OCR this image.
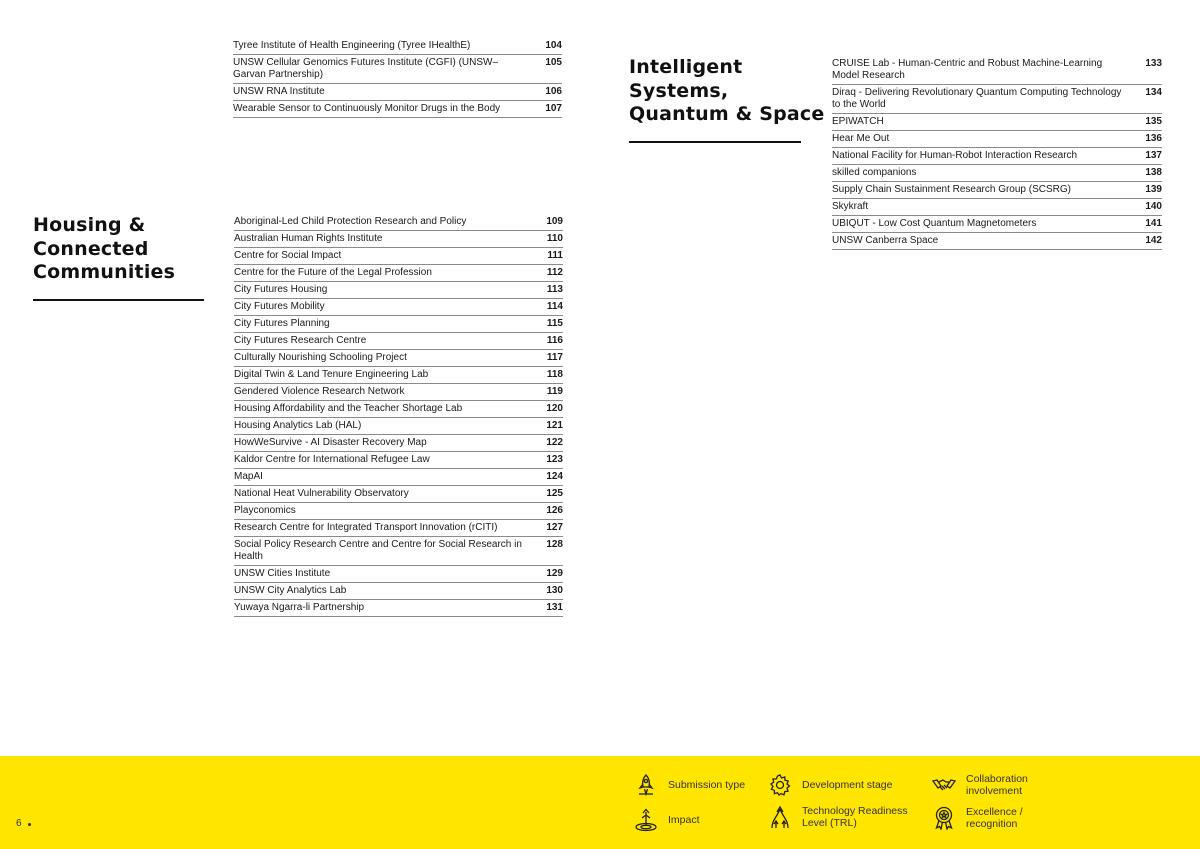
Tyree Institute of Health Engineering (Tyree IHealthE)	104
UNSW Cellular Genomics Futures Institute (CGFI) (UNSW–Garvan Partnership)
105
UNSW RNA Institute	106
Wearable Sensor to Continuously Monitor Drugs in the Body	107
Housing &
Connected
Communities
Aboriginal-Led Child Protection Research and Policy	109
Australian Human Rights Institute	110
Centre for Social Impact	111
Centre for the Future of the Legal Profession	112
City Futures Housing	113
City Futures Mobility	114
City Futures Planning	115
City Futures Research Centre	116
Culturally Nourishing Schooling Project	117
Digital Twin & Land Tenure Engineering Lab	118
Gendered Violence Research Network	119
Housing Affordability and the Teacher Shortage Lab	120
Housing Analytics Lab (HAL)	121
HowWeSurvive - AI Disaster Recovery Map	122
Kaldor Centre for International Refugee Law	123
MapAI	124
National Heat Vulnerability Observatory	125
Playconomics	126
Research Centre for Integrated Transport Innovation (rCITI)	127
Social Policy Research Centre and Centre for Social Research in Health
128
UNSW Cities Institute	129
UNSW City Analytics Lab	130
Yuwaya Ngarra-li Partnership	131
Intelligent
Systems,
Quantum & Space
CRUISE Lab - Human-Centric and Robust Machine-Learning Model Research
133
Diraq - Delivering Revolutionary Quantum Computing Technology to the World
134
EPIWATCH	135
Hear Me Out	136
National Facility for Human-Robot Interaction Research	137
skilled companions	138
Supply Chain Sustainment Research Group (SCSRG)	139
Skykraft	140
UBIQUT - Low Cost Quantum Magnetometers	141
UNSW Canberra Space	142
6
Submission type	Development stage	Collaboration
involvement
Impact
Technology Readiness
Level (TRL)
Excellence /
recognition
